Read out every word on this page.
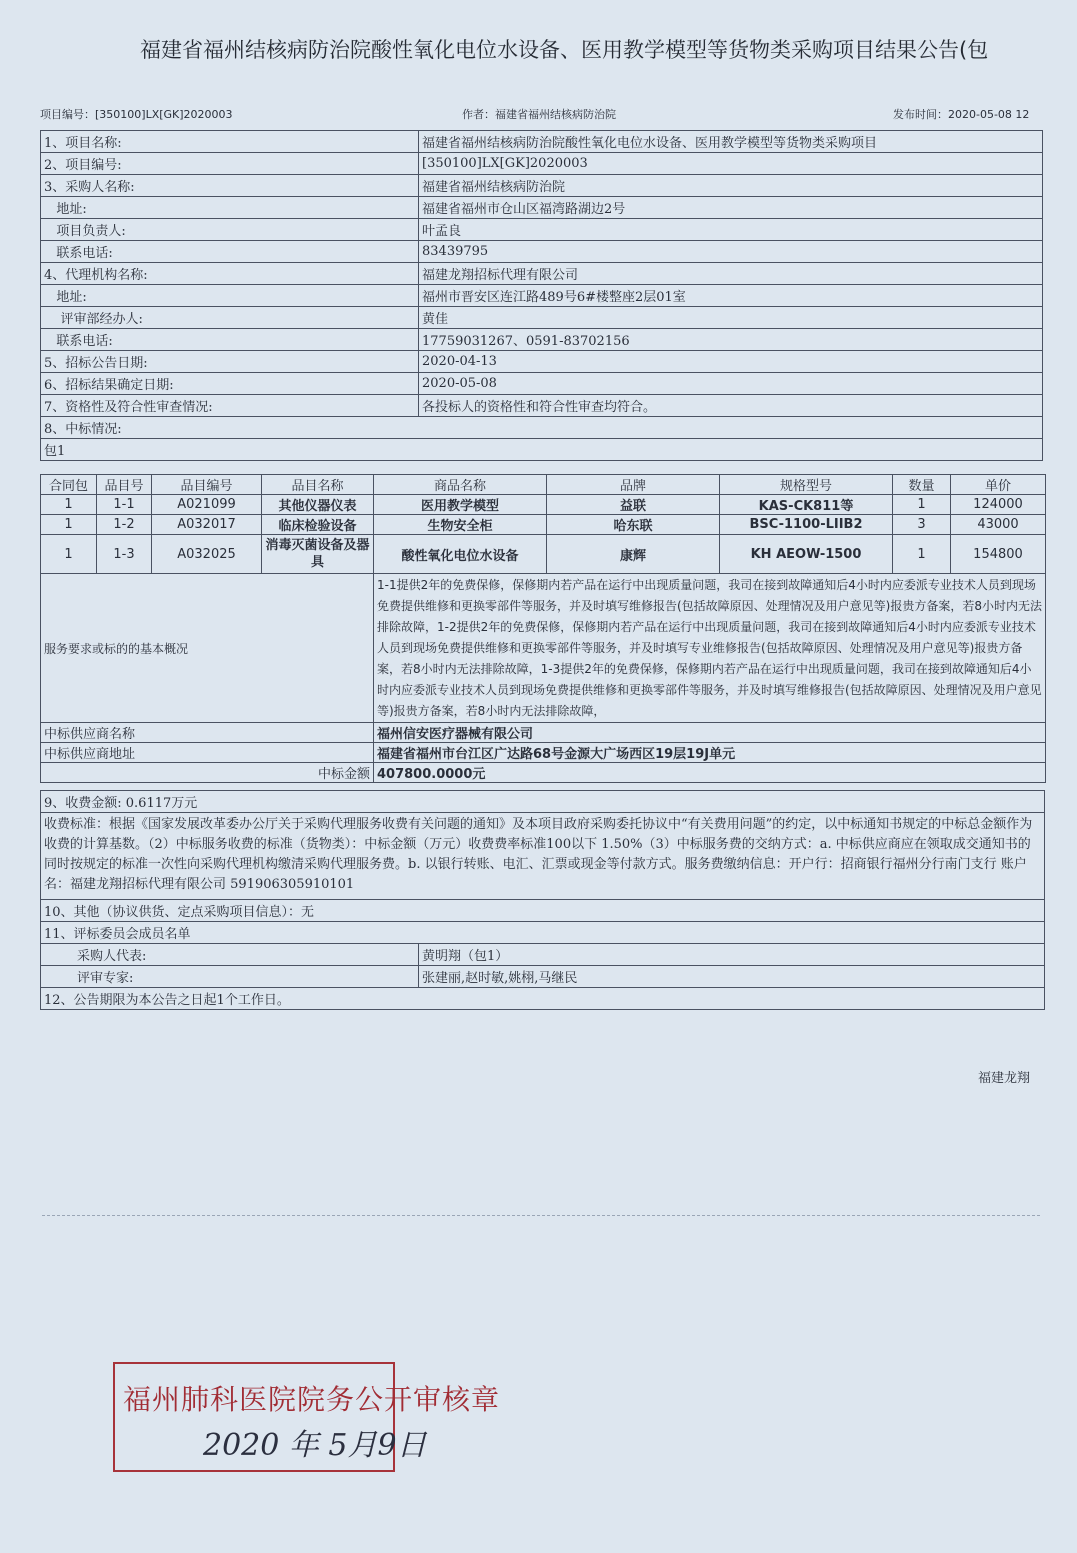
福建省福州结核病防治院酸性氧化电位水设备、医用教学模型等货物类采购项目结果公告(包
项目编号：[350100]LX[GK]2020003	作者：福建省福州结核病防治院	发布时间：2020-05-08 12
1、项目名称:	福建省福州结核病防治院酸性氧化电位水设备、医用教学模型等货物类采购项目
2、项目编号:	[350100]LX[GK]2020003
3、采购人名称:	福建省福州结核病防治院
地址:	福建省福州市仓山区福湾路湖边2号
项目负责人:	叶孟良
联系电话:	83439795
4、代理机构名称:	福建龙翔招标代理有限公司
地址:	福州市晋安区连江路489号6#楼整座2层01室
评审部经办人:	黄佳
联系电话:	17759031267、0591-83702156
5、招标公告日期:	2020-04-13
6、招标结果确定日期:	2020-05-08
7、资格性及符合性审查情况:	各投标人的资格性和符合性审查均符合。
8、中标情况:	
包1	
合同包	品目号	品目编号	品目名称	商品名称	品牌	规格型号	数量	单价
1	1-1	A021099	其他仪器仪表	医用教学模型	益联	KAS-CK811等	1	124000
1	1-2	A032017	临床检验设备	生物安全柜	哈东联	BSC-1100-LIIB2	3	43000
1	1-3	A032025	消毒灭菌设备及器具	酸性氧化电位水设备	康辉	KH AEOW-1500	1	154800
服务要求或标的的基本概况				1-1提供2年的免费保修，保修期内若产品在运行中出现质量问题，我司在接到故障通知后4小时内应委派专业技术人员到现场免费提供维修和更换零部件等服务，并及时填写维修报告(包括故障原因、处理情况及用户意见等)报贵方备案，若8小时内无法排除故障，1-2提供2年的免费保修，保修期内若产品在运行中出现质量问题，我司在接到故障通知后4小时内应委派专业技术人员到现场免费提供维修和更换零部件等服务，并及时填写专业维修报告(包括故障原因、处理情况及用户意见等)报贵方备案，若8小时内无法排除故障，1-3提供2年的免费保修，保修期内若产品在运行中出现质量问题，我司在接到故障通知后4小时内应委派专业技术人员到现场免费提供维修和更换零部件等服务，并及时填写维修报告(包括故障原因、处理情况及用户意见等)报贵方备案，若8小时内无法排除故障，				
中标供应商名称				福州信安医疗器械有限公司				
中标供应商地址				福建省福州市台江区广达路68号金源大广场西区19层19J单元				
中标金额				407800.0000元				
9、收费金额: 0.6117万元	
收费标准：根据《国家发展改革委办公厅关于采购代理服务收费有关问题的通知》及本项目政府采购委托协议中“有关费用问题”的约定，以中标通知书规定的中标总金额作为收费的计算基数。（2）中标服务收费的标准（货物类）：中标金额（万元）收费费率标准100以下 1.50%（3）中标服务费的交纳方式：a. 中标供应商应在领取成交通知书的同时按规定的标准一次性向采购代理机构缴清采购代理服务费。b. 以银行转账、电汇、汇票或现金等付款方式。服务费缴纳信息：开户行：招商银行福州分行南门支行 账户名：福建龙翔招标代理有限公司 591906305910101	
10、其他（协议供货、定点采购项目信息）：无	
11、评标委员会成员名单	
采购人代表:	黄明翔（包1）
评审专家:	张建丽,赵时敏,姚栩,马继民
12、公告期限为本公告之日起1个工作日。	
福建龙翔
福州肺科医院院务公开审核章
2020 年 5月9日
